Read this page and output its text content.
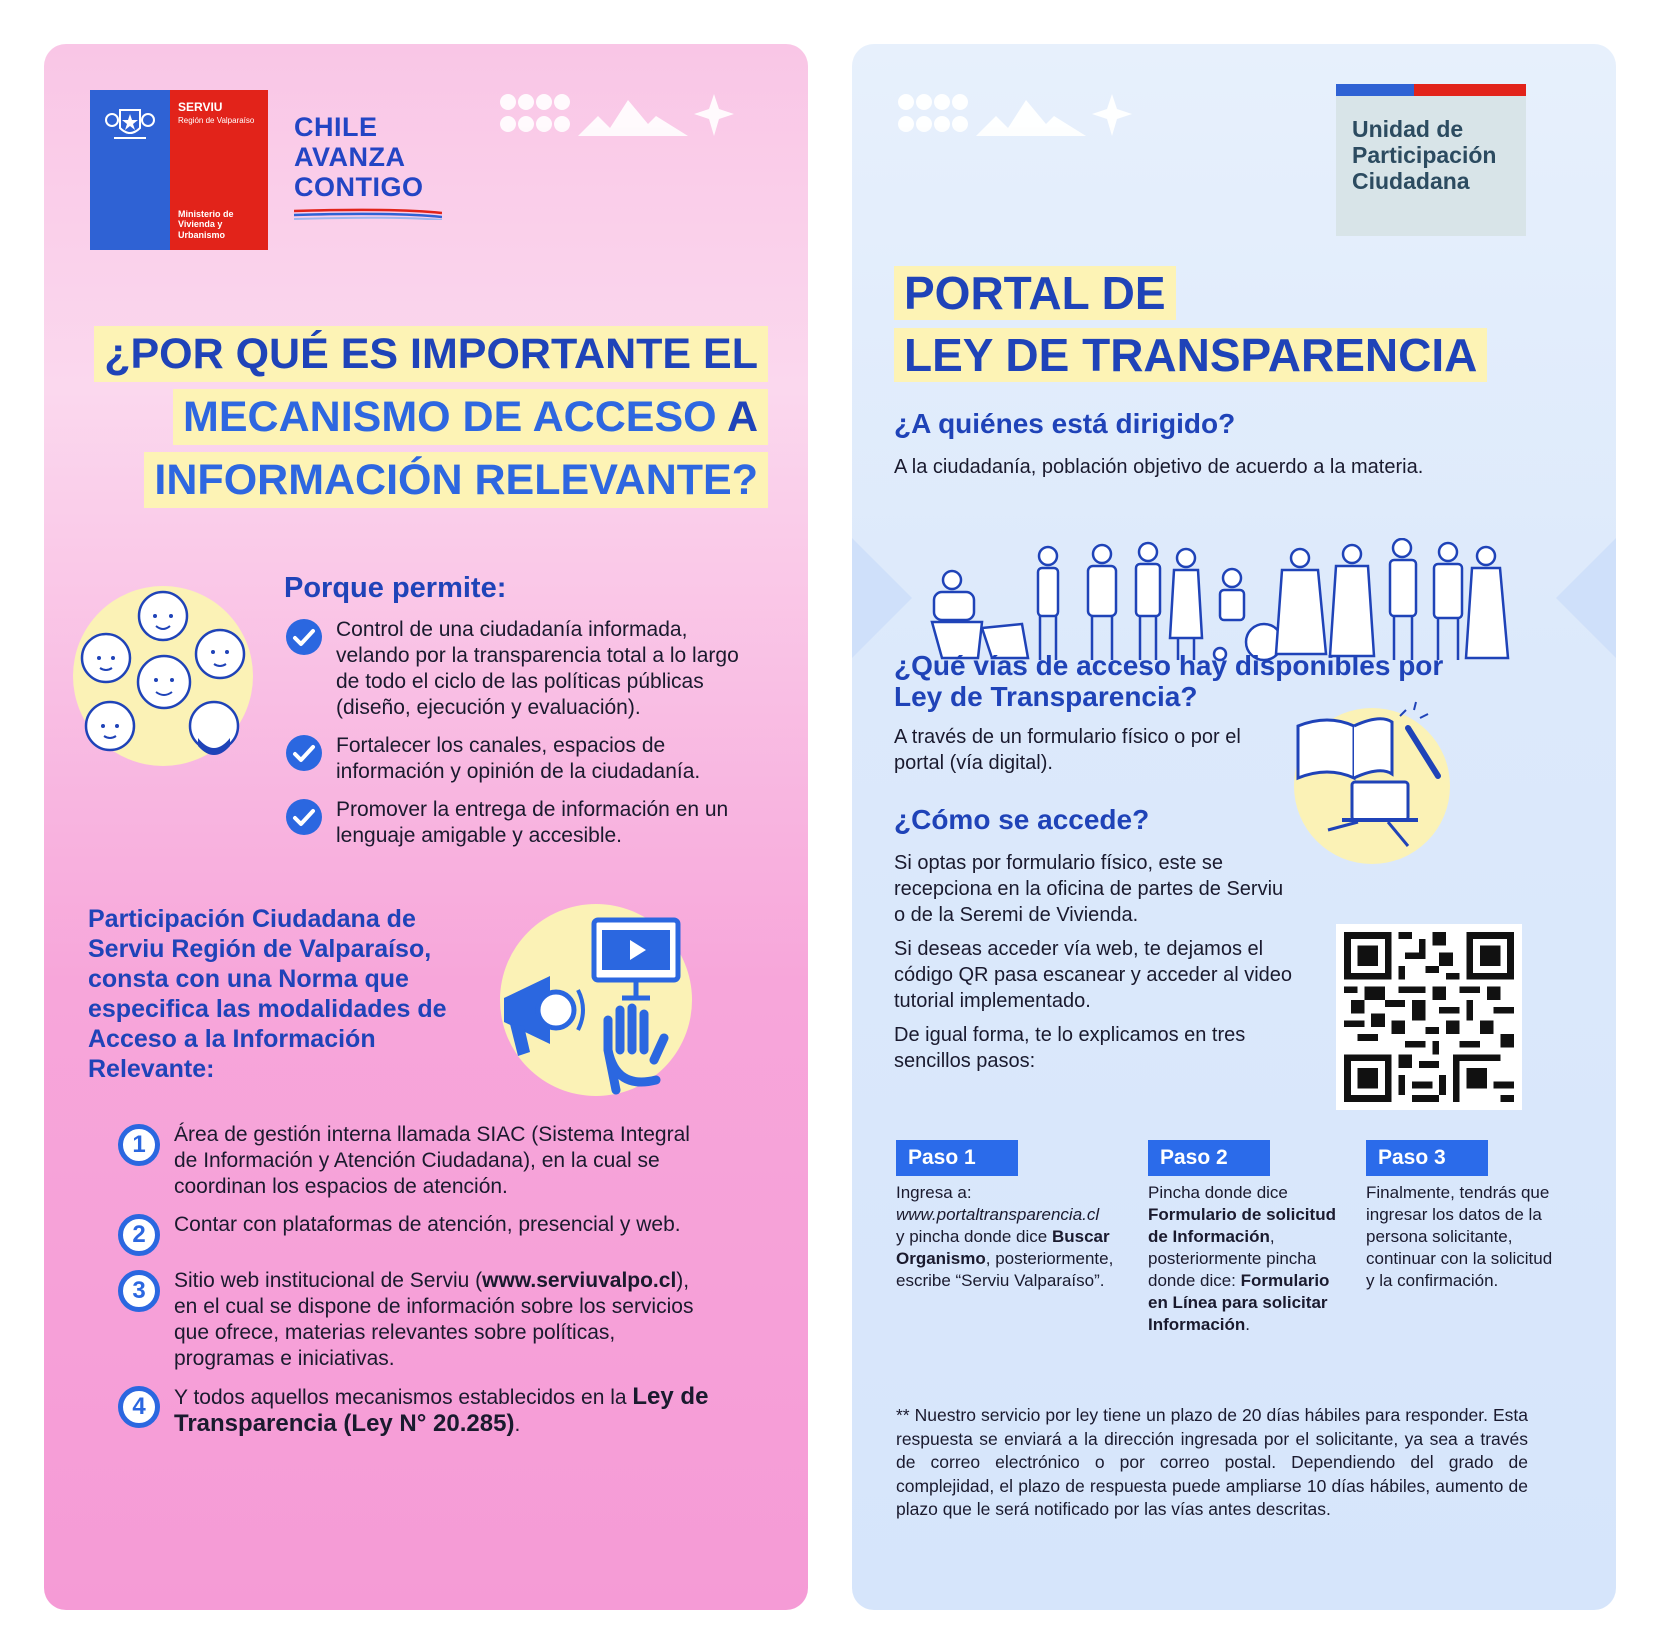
SERVIU
Región de Valparaíso
Ministerio de Vivienda y Urbanismo
CHILE
AVANZA
CONTIGO
¿POR QUÉ ES IMPORTANTE EL
MECANISMO DE ACCESO A
INFORMACIÓN RELEVANTE?
Porque permite:
Control de una ciudadanía informada, velando por la transparencia total a lo largo de todo el ciclo de las políticas públicas (diseño, ejecución y evaluación).
Fortalecer los canales, espacios de información y opinión de la ciudadanía.
Promover la entrega de información en un lenguaje amigable y accesible.
Participación Ciudadana de Serviu Región de Valparaíso, consta con una Norma que especifica las modalidades de Acceso a la Información Relevante:
1	Área de gestión interna llamada SIAC (Sistema Integral de Información y Atención Ciudadana), en la cual se coordinan los espacios de atención.
2	Contar con plataformas de atención, presencial y web.
3	Sitio web institucional de Serviu (www.serviuvalpo.cl), en el cual se dispone de información sobre los servicios que ofrece, materias relevantes sobre políticas, programas e iniciativas.
4	Y todos aquellos mecanismos establecidos en la Ley de Transparencia (Ley N° 20.285).
Unidad de
Participación
Ciudadana
PORTAL DE
LEY DE TRANSPARENCIA
¿A quiénes está dirigido?
A la ciudadanía, población objetivo de acuerdo a la materia.
¿Qué vías de acceso hay disponibles por Ley de Transparencia?
A través de un formulario físico o por el portal (vía digital).
¿Cómo se accede?
Si optas por formulario físico, este se recepciona en la oficina de partes de Serviu o de la Seremi de Vivienda.
Si deseas acceder vía web, te dejamos el código QR pasa escanear y acceder al video tutorial implementado.
De igual forma, te lo explicamos en tres sencillos pasos:
Paso 1
Ingresa a:
www.portaltransparencia.cl
y pincha donde dice Buscar Organismo, posteriormente, escribe “Serviu Valparaíso”.
Paso 2
Pincha donde dice Formulario de solicitud de Información, posteriormente pincha donde dice: Formulario en Línea para solicitar Información.
Paso 3
Finalmente, tendrás que ingresar los datos de la persona solicitante, continuar con la solicitud y la confirmación.
** Nuestro servicio por ley tiene un plazo de 20 días hábiles para responder. Esta respuesta se enviará a la dirección ingresada por el solicitante, ya sea a través de correo electrónico o por correo postal. Dependiendo del grado de complejidad, el plazo de respuesta puede ampliarse 10 días hábiles, aumento de plazo que le será notificado por las vías antes descritas.
